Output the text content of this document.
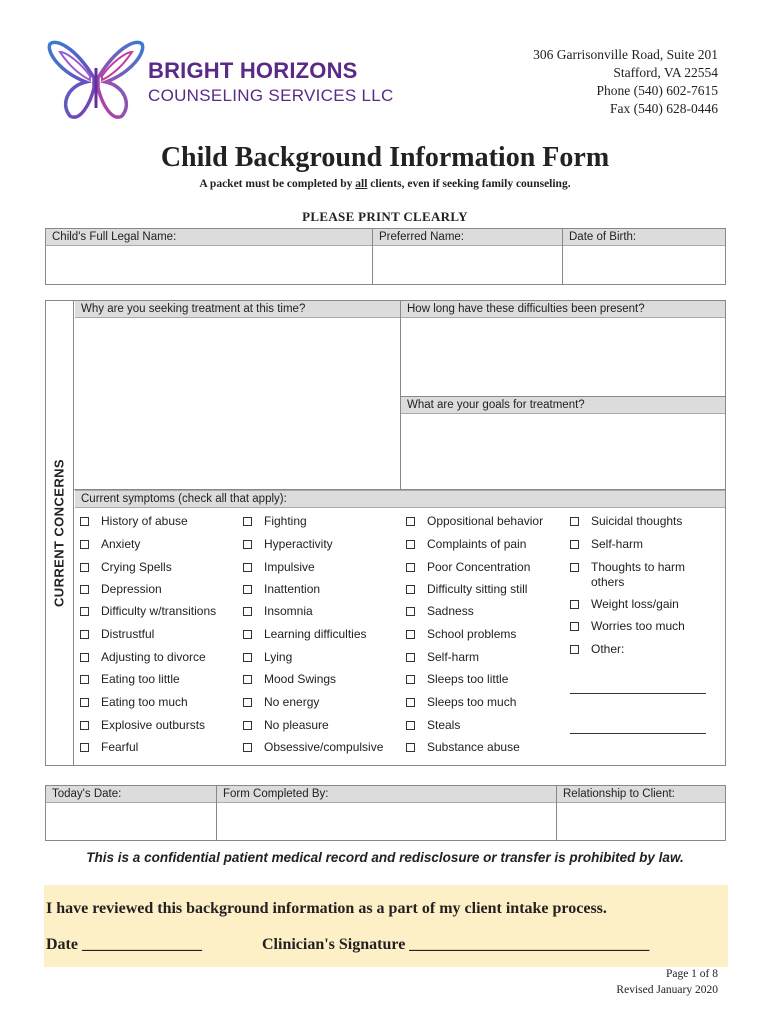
BRIGHT HORIZONS
COUNSELING SERVICES LLC
306 Garrisonville Road, Suite 201
Stafford, VA 22554
Phone (540) 602-7615
Fax (540) 628-0446
Child Background Information Form
A packet must be completed by all clients, even if seeking family counseling.
PLEASE PRINT CLEARLY
Child's Full Legal Name:	Preferred Name:	Date of Birth:
CURRENT CONCERNS
Why are you seeking treatment at this time?	How long have these difficulties been present?
What are your goals for treatment?
Current symptoms (check all that apply):
History of abuse
Anxiety
Crying Spells
Depression
Difficulty w/transitions
Distrustful
Adjusting to divorce
Eating too little
Eating too much
Explosive outbursts
Fearful
Fighting
Hyperactivity
Impulsive
Inattention
Insomnia
Learning difficulties
Lying
Mood Swings
No energy
No pleasure
Obsessive/compulsive
Oppositional behavior
Complaints of pain
Poor Concentration
Difficulty sitting still
Sadness
School problems
Self-harm
Sleeps too little
Sleeps too much
Steals
Substance abuse
Suicidal thoughts
Self-harm
Thoughts to harm
others
Weight loss/gain
Worries too much
Other:
Today's Date:	Form Completed By:	Relationship to Client:
This is a confidential patient medical record and redisclosure or transfer is prohibited by law.
I have reviewed this background information as a part of my client intake process.
Date _______________	Clinician's Signature ______________________________
Page 1 of 8
Revised January 2020
